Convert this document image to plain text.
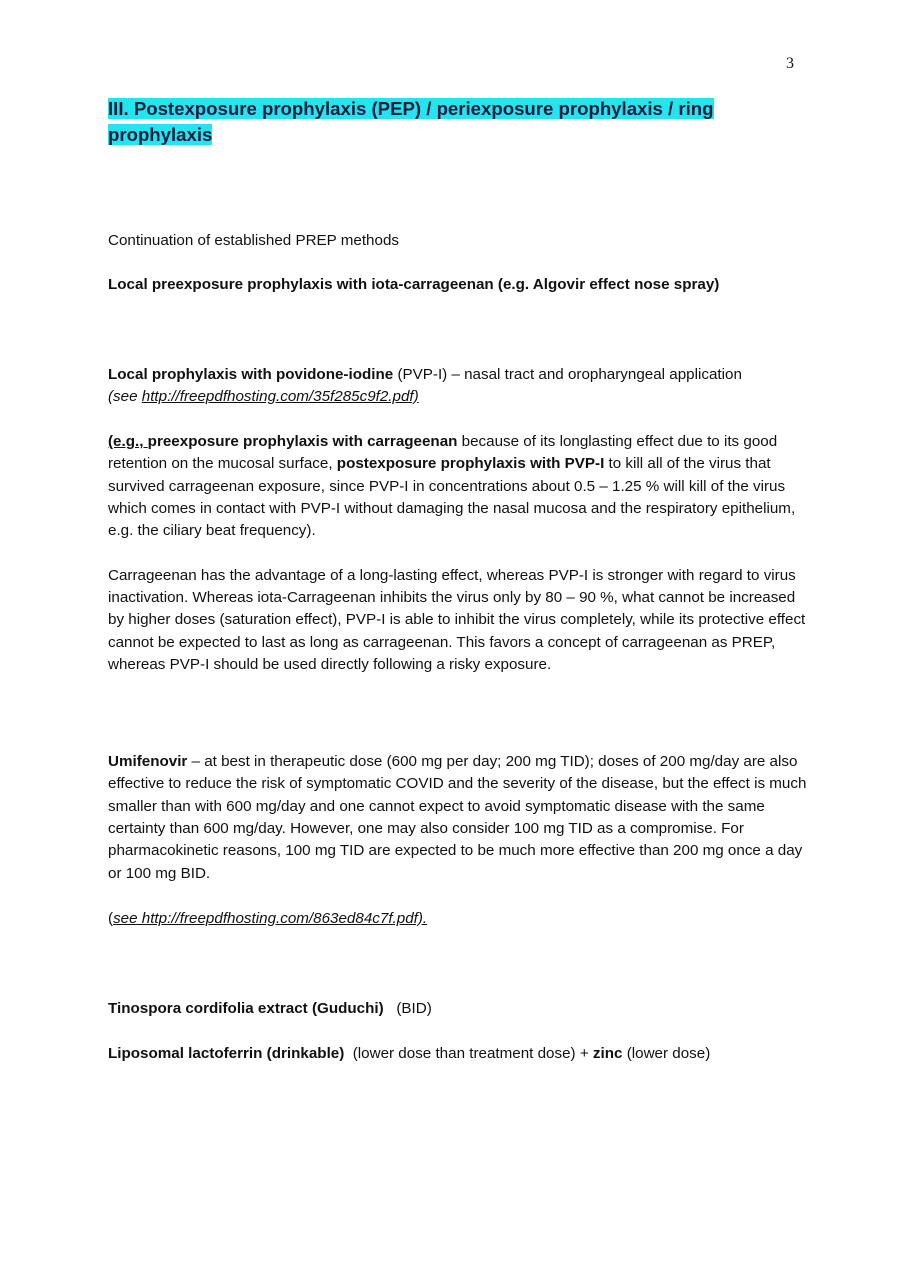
3
III. Postexposure prophylaxis (PEP) / periexposure prophylaxis / ring
prophylaxis

Continuation of established PREP methods

Local preexposure prophylaxis with iota-carrageenan (e.g. Algovir effect nose spray)

Local prophylaxis with povidone-iodine (PVP-I) – nasal tract and oropharyngeal application
(see http://freepdfhosting.com/35f285c9f2.pdf)

(e.g., preexposure prophylaxis with carrageenan because of its longlasting effect due to its good retention on the mucosal surface, postexposure prophylaxis with PVP-I to kill all of the virus that survived carrageenan exposure, since PVP-I in concentrations about 0.5 – 1.25 % will kill of the virus which comes in contact with PVP-I without damaging the nasal mucosa and the respiratory epithelium, e.g. the ciliary beat frequency).

Carrageenan has the advantage of a long-lasting effect, whereas PVP-I is stronger with regard to virus inactivation. Whereas iota-Carrageenan inhibits the virus only by 80 – 90 %, what cannot be increased by higher doses (saturation effect), PVP-I is able to inhibit the virus completely, while its protective effect cannot be expected to last as long as carrageenan. This favors a concept of carrageenan as PREP, whereas PVP-I should be used directly following a risky exposure.

Umifenovir – at best in therapeutic dose (600 mg per day; 200 mg TID); doses of 200 mg/day are also effective to reduce the risk of symptomatic COVID and the severity of the disease, but the effect is much smaller than with 600 mg/day and one cannot expect to avoid symptomatic disease with the same certainty than 600 mg/day. However, one may also consider 100 mg TID as a compromise. For pharmacokinetic reasons, 100 mg TID are expected to be much more effective than 200 mg once a day or 100 mg BID.

(see http://freepdfhosting.com/863ed84c7f.pdf).

Tinospora cordifolia extract (Guduchi)   (BID)

Liposomal lactoferrin (drinkable)  (lower dose than treatment dose) + zinc (lower dose)
